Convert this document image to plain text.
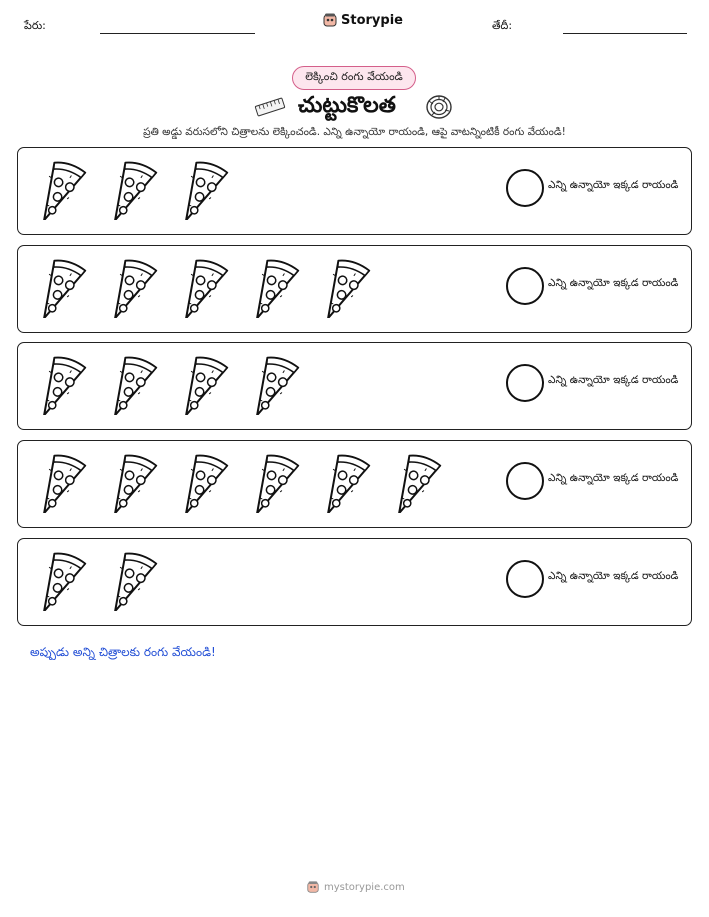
పేరు:	Storypie	తేదీ:
లెక్కించి రంగు వేయండి
చుట్టుకొలత
ప్రతి అడ్డు వరుసలోని చిత్రాలను లెక్కించండి. ఎన్ని ఉన్నాయో రాయండి, ఆపై వాటన్నింటికీ రంగు వేయండి!
ఎన్ని ఉన్నాయో ఇక్కడ రాయండి
ఎన్ని ఉన్నాయో ఇక్కడ రాయండి
ఎన్ని ఉన్నాయో ఇక్కడ రాయండి
ఎన్ని ఉన్నాయో ఇక్కడ రాయండి
ఎన్ని ఉన్నాయో ఇక్కడ రాయండి
అప్పుడు అన్ని చిత్రాలకు రంగు వేయండి!
mystorypie.com
